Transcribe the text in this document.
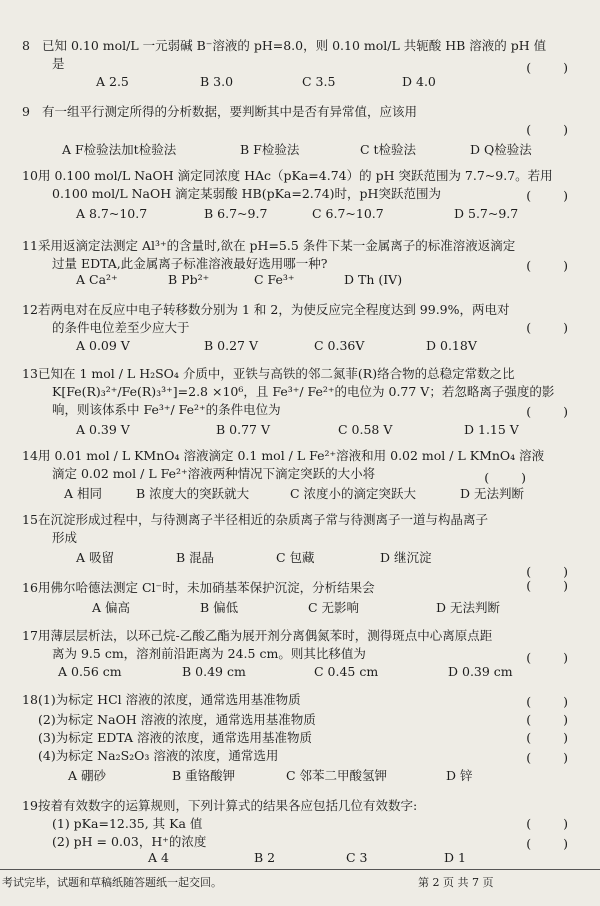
8 已知 0.10 mol/L 一元弱碱 B⁻溶液的 pH=8.0，则 0.10 mol/L 共轭酸 HB 溶液的 pH 值
是	( )
A 2.5	B 3.0	C 3.5	D 4.0
9 有一组平行测定所得的分析数据，要判断其中是否有异常值，应该用
( )
A F检验法加t检验法	B F检验法	C t检验法	D Q检验法
10用 0.100 mol/L NaOH 滴定同浓度 HAc（pKa=4.74）的 pH 突跃范围为 7.7~9.7。若用
0.100 mol/L NaOH 滴定某弱酸 HB(pKa=2.74)时，pH突跃范围为	( )
A 8.7~10.7	B 6.7~9.7	C 6.7~10.7	D 5.7~9.7
11采用返滴定法测定 Al³⁺的含量时,欲在 pH=5.5 条件下某一金属离子的标准溶液返滴定
过量 EDTA,此金属离子标准溶液最好选用哪一种?	( )
A Ca²⁺	B Pb²⁺	C Fe³⁺	D Th (IV)
12若两电对在反应中电子转移数分别为 1 和 2，为使反应完全程度达到 99.9%，两电对
的条件电位差至少应大于	( )
A 0.09 V	B 0.27 V	C 0.36V	D 0.18V
13已知在 1 mol / L H₂SO₄ 介质中，亚铁与高铁的邻二氮菲(R)络合物的总稳定常数之比
K[Fe(R)₃²⁺/Fe(R)₃³⁺]=2.8 ×10⁶，且 Fe³⁺/ Fe²⁺的电位为 0.77 V；若忽略离子强度的影
响，则该体系中 Fe³⁺/ Fe²⁺的条件电位为	( )
A 0.39 V	B 0.77 V	C 0.58 V	D 1.15 V
14用 0.01 mol / L KMnO₄ 溶液滴定 0.1 mol / L Fe²⁺溶液和用 0.02 mol / L KMnO₄ 溶液
滴定 0.02 mol / L Fe²⁺溶液两种情况下滴定突跃的大小将	( )
A 相同	B 浓度大的突跃就大	C 浓度小的滴定突跃大	D 无法判断
15在沉淀形成过程中，与待测离子半径相近的杂质离子常与待测离子一道与构晶离子
形成
A 吸留	B 混晶	C 包藏	D 继沉淀
( )
16用佛尔哈德法测定 Cl⁻时，未加硝基苯保护沉淀，分析结果会	( )
A 偏高	B 偏低	C 无影响	D 无法判断
17用薄层层析法，以环己烷-乙酸乙酯为展开剂分离偶氮苯时，测得斑点中心离原点距
离为 9.5 cm，溶剂前沿距离为 24.5 cm。则其比移值为	( )
A 0.56 cm	B 0.49 cm	C 0.45 cm	D 0.39 cm
18(1)为标定 HCl 溶液的浓度，通常选用基准物质	( )
(2)为标定 NaOH 溶液的浓度，通常选用基准物质	( )
(3)为标定 EDTA 溶液的浓度，通常选用基准物质	( )
(4)为标定 Na₂S₂O₃ 溶液的浓度，通常选用	( )
A 硼砂	B 重铬酸钾	C 邻苯二甲酸氢钾	D 锌
19按着有效数字的运算规则，下列计算式的结果各应包括几位有效数字:
(1) pKa=12.35, 其 Ka 值	( )
(2) pH = 0.03，H⁺的浓度	( )
A 4	B 2	C 3	D 1
考试完毕，试题和草稿纸随答题纸一起交回。	第 2 页 共 7 页
